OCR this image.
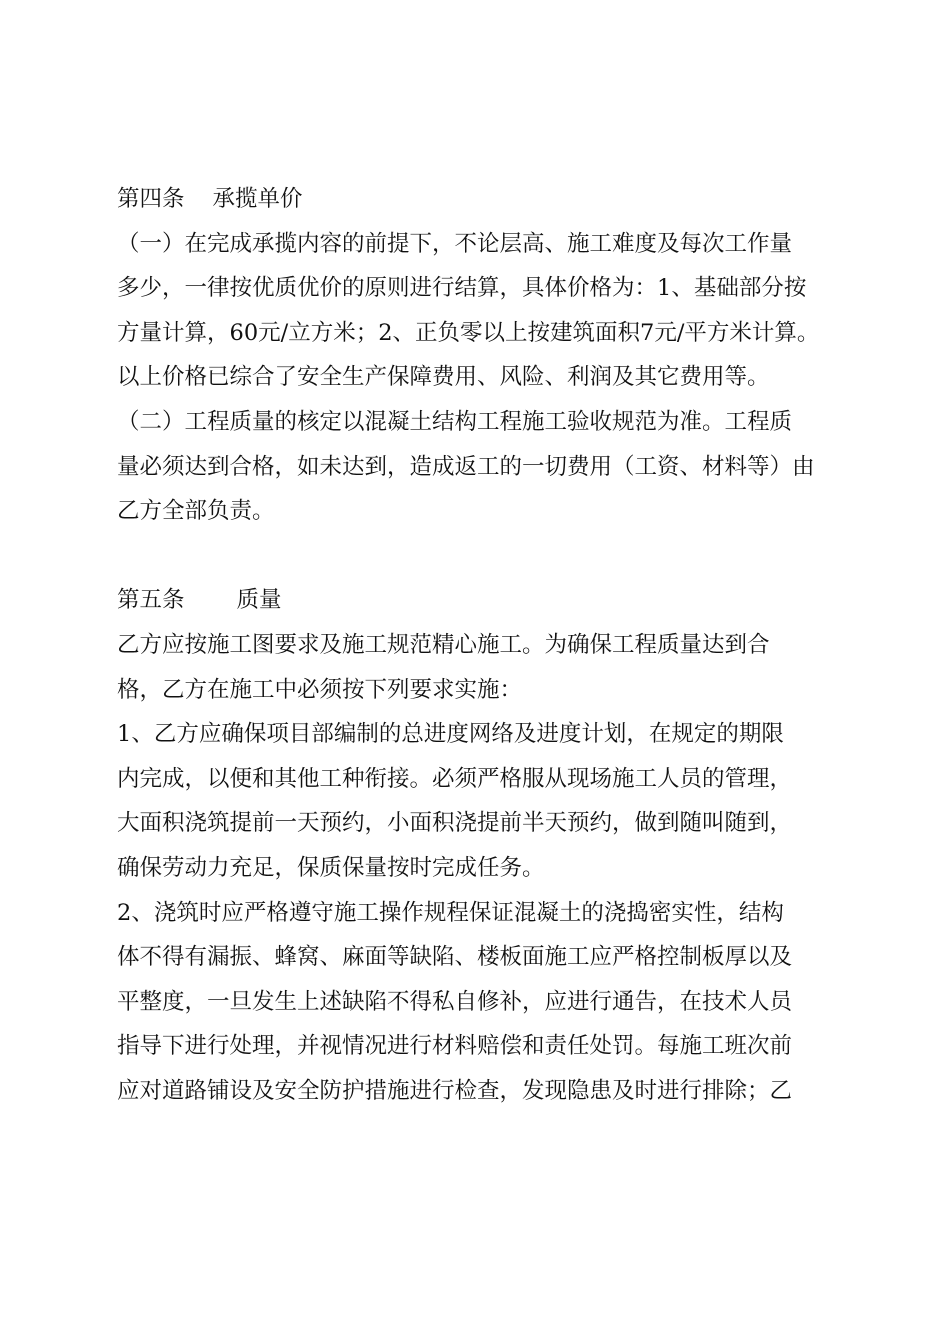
第四条 承揽单价
（一）在完成承揽内容的前提下，不论层高、施工难度及每次工作量
多少，一律按优质优价的原则进行结算，具体价格为：1、基础部分按
方量计算，60元/立方米；2、正负零以上按建筑面积7元/平方米计算。
以上价格已综合了安全生产保障费用、风险、利润及其它费用等。
（二）工程质量的核定以混凝土结构工程施工验收规范为准。工程质
量必须达到合格，如未达到，造成返工的一切费用（工资、材料等）由
乙方全部负责。
第五条 质量
乙方应按施工图要求及施工规范精心施工。为确保工程质量达到合
格，乙方在施工中必须按下列要求实施：
1、乙方应确保项目部编制的总进度网络及进度计划，在规定的期限
内完成，以便和其他工种衔接。必须严格服从现场施工人员的管理，
大面积浇筑提前一天预约，小面积浇提前半天预约，做到随叫随到，
确保劳动力充足，保质保量按时完成任务。
2、浇筑时应严格遵守施工操作规程保证混凝土的浇捣密实性，结构
体不得有漏振、蜂窝、麻面等缺陷、楼板面施工应严格控制板厚以及
平整度，一旦发生上述缺陷不得私自修补，应进行通告，在技术人员
指导下进行处理，并视情况进行材料赔偿和责任处罚。每施工班次前
应对道路铺设及安全防护措施进行检查，发现隐患及时进行排除；乙
